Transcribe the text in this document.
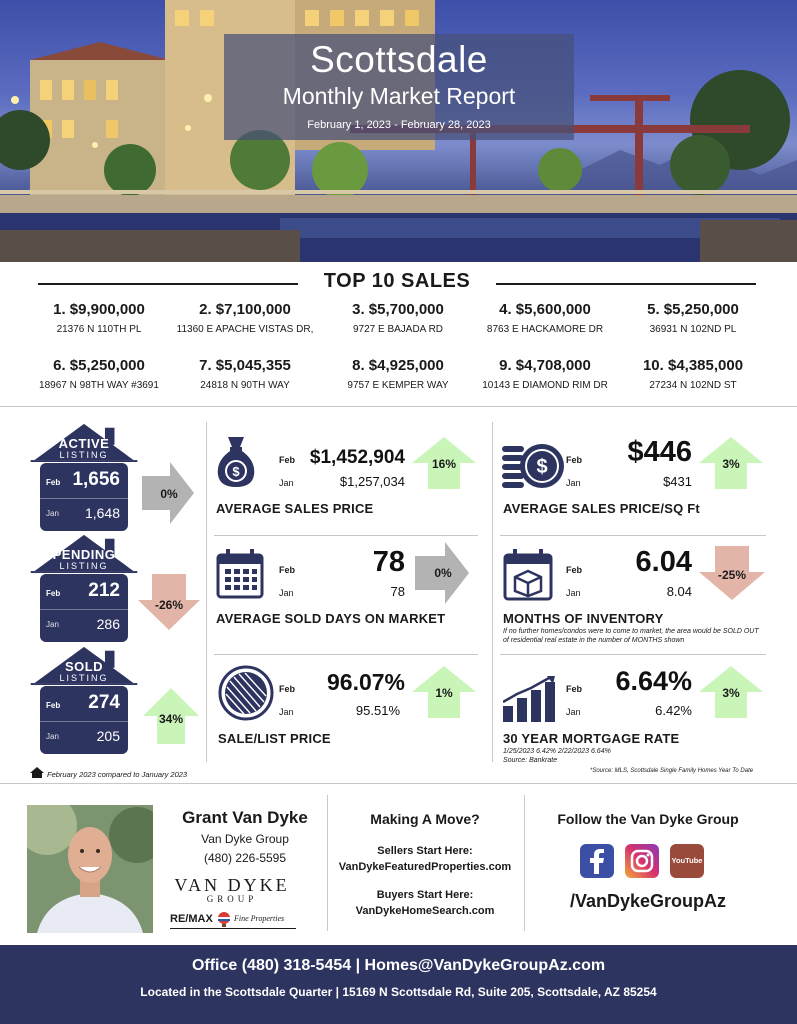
Scottsdale
Monthly Market Report
February 1, 2023 - February 28, 2023
TOP 10 SALES
1. $9,900,000
21376 N 110TH PL
2. $7,100,000
11360 E APACHE VISTAS DR,
3. $5,700,000
9727 E BAJADA RD
4. $5,600,000
8763 E HACKAMORE DR
5. $5,250,000
36931 N 102ND PL
6. $5,250,000
18967 N 98TH WAY #3691
7. $5,045,355
24818 N 90TH WAY
8. $4,925,000
9757 E KEMPER WAY
9. $4,708,000
10143 E DIAMOND RIM DR
10. $4,385,000
27234 N 102ND ST
ACTIVE
LISTING
Feb 1,656
Jan 1,648
0%
PENDING
LISTING
Feb 212
Jan	286
-26%
SOLD
LISTING
Feb 274
Jan	205
34%
February 2023 compared to January 2023
$
Feb
Jan
$1,452,904
$1,257,034
16%
AVERAGE SALES PRICE
$ Feb
Jan
$446
$431
3%
AVERAGE SALES PRICE/SQ Ft
Feb
Jan
78
78
0%
AVERAGE SOLD DAYS ON MARKET
Feb
Jan
6.04
8.04
-25%
MONTHS OF INVENTORY
If no further homes/condos were to come to market, the area would be SOLD OUT of residential real estate in the number of MONTHS shown
Feb
Jan
96.07%
95.51%
1%
SALE/LIST PRICE
Feb
Jan
6.64%
6.42%
3%
30 YEAR MORTGAGE RATE
1/25/2023 6.42% 2/22/2023 6.64%
Source: Bankrate
*Source: MLS, Scottsdale Single Family Homes Year To Date
Grant Van Dyke
Van Dyke Group
(480) 226-5595
VAN DYKE
GROUP
RE/MAX	Fine Properties
Making A Move?
Sellers Start Here:
VanDykeFeaturedProperties.com
Buyers Start Here:
VanDykeHomeSearch.com
Follow the Van Dyke Group
YouTube
/VanDykeGroupAz
Office (480) 318-5454 | Homes@VanDykeGroupAz.com
Located in the Scottsdale Quarter | 15169 N Scottsdale Rd, Suite 205, Scottsdale, AZ 85254
